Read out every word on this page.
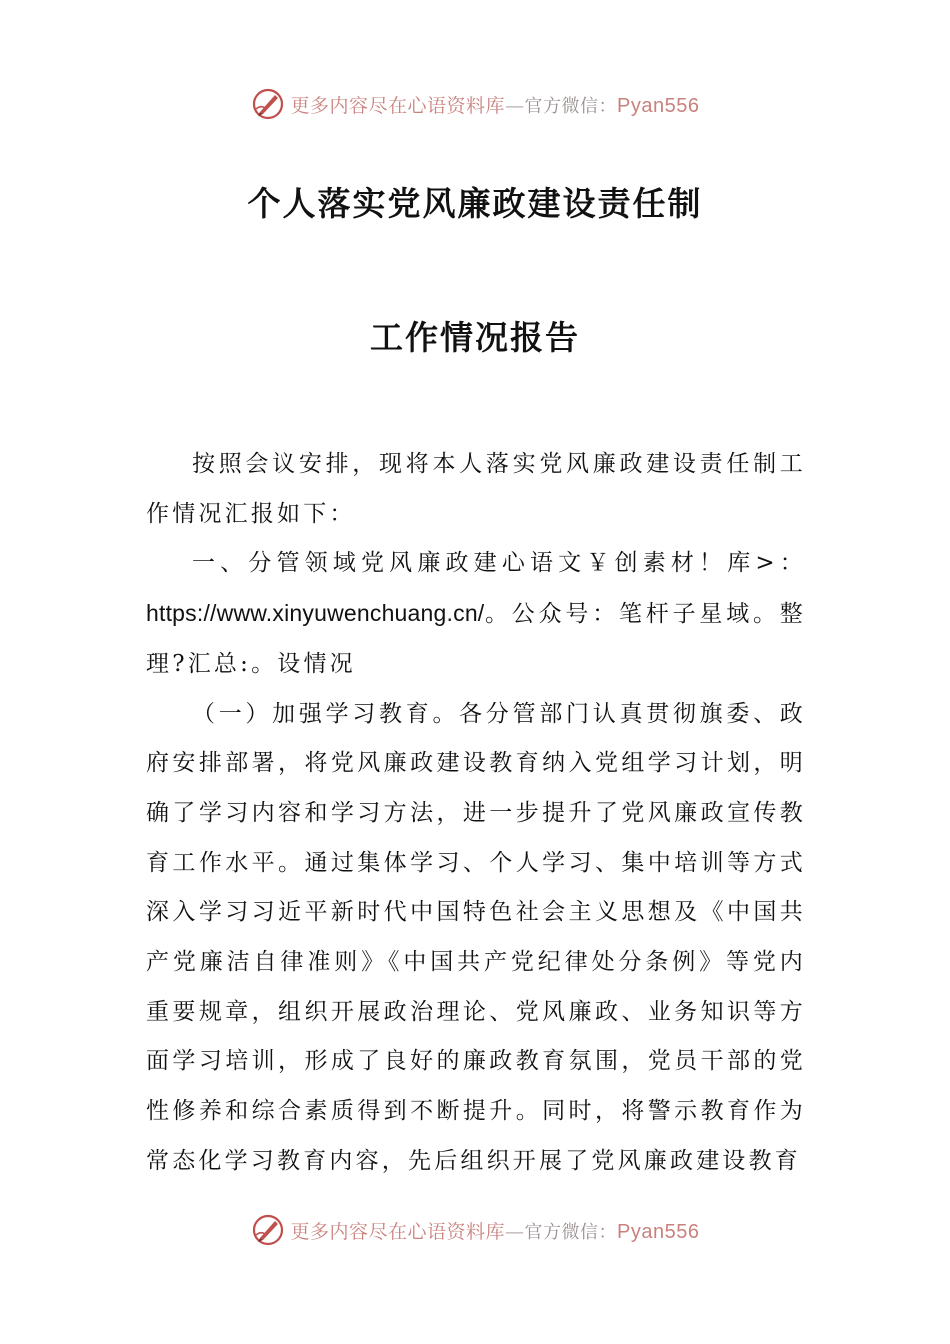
更多内容尽在心语资料库—官方微信：Pyan556
个人落实党风廉政建设责任制
工作情况报告

按照会议安排，现将本人落实党风廉政建设责任制工作情况汇报如下：

一、分管领域党风廉政建心语文￥创素材！库>：https://www.xinyuwenchuang.cn/。公众号：笔杆子星域。整理?汇总:。设情况

（一）加强学习教育。各分管部门认真贯彻旗委、政府安排部署，将党风廉政建设教育纳入党组学习计划，明确了学习内容和学习方法，进一步提升了党风廉政宣传教育工作水平。通过集体学习、个人学习、集中培训等方式深入学习习近平新时代中国特色社会主义思想及《中国共产党廉洁自律准则》《中国共产党纪律处分条例》等党内重要规章，组织开展政治理论、党风廉政、业务知识等方面学习培训，形成了良好的廉政教育氛围，党员干部的党性修养和综合素质得到不断提升。同时，将警示教育作为常态化学习教育内容，先后组织开展了党风廉政建设教育

更多内容尽在心语资料库—官方微信：Pyan556
